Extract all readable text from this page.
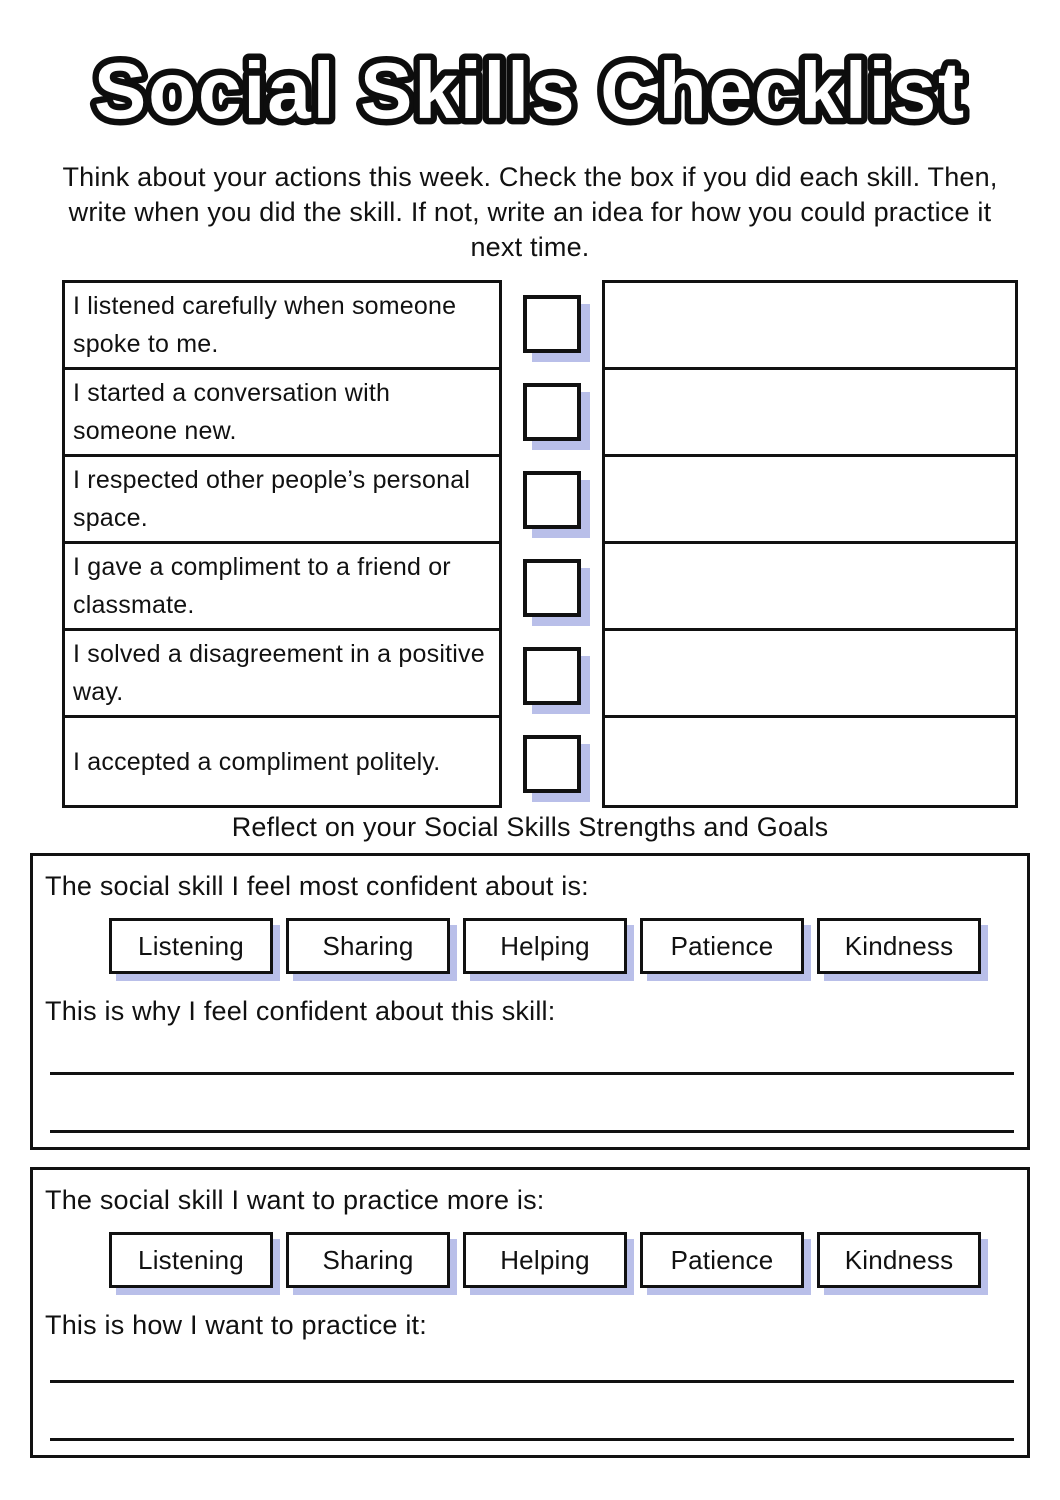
Social Skills Checklist

Think about your actions this week. Check the box if you did each skill. Then, write when you did the skill. If not, write an idea for how you could practice it next time.

I listened carefully when someone spoke to me.
I started a conversation with someone new.
I respected other people’s personal space.
I gave a compliment to a friend or classmate.
I solved a disagreement in a positive way.
I accepted a compliment politely.
Reflect on your Social Skills Strengths and Goals

The social skill I feel most confident about is:

Listening	Sharing	Helping	Patience	Kindness

This is why I feel confident about this skill:

The social skill I want to practice more is:

Listening	Sharing	Helping	Patience	Kindness

This is how I want to practice it:
